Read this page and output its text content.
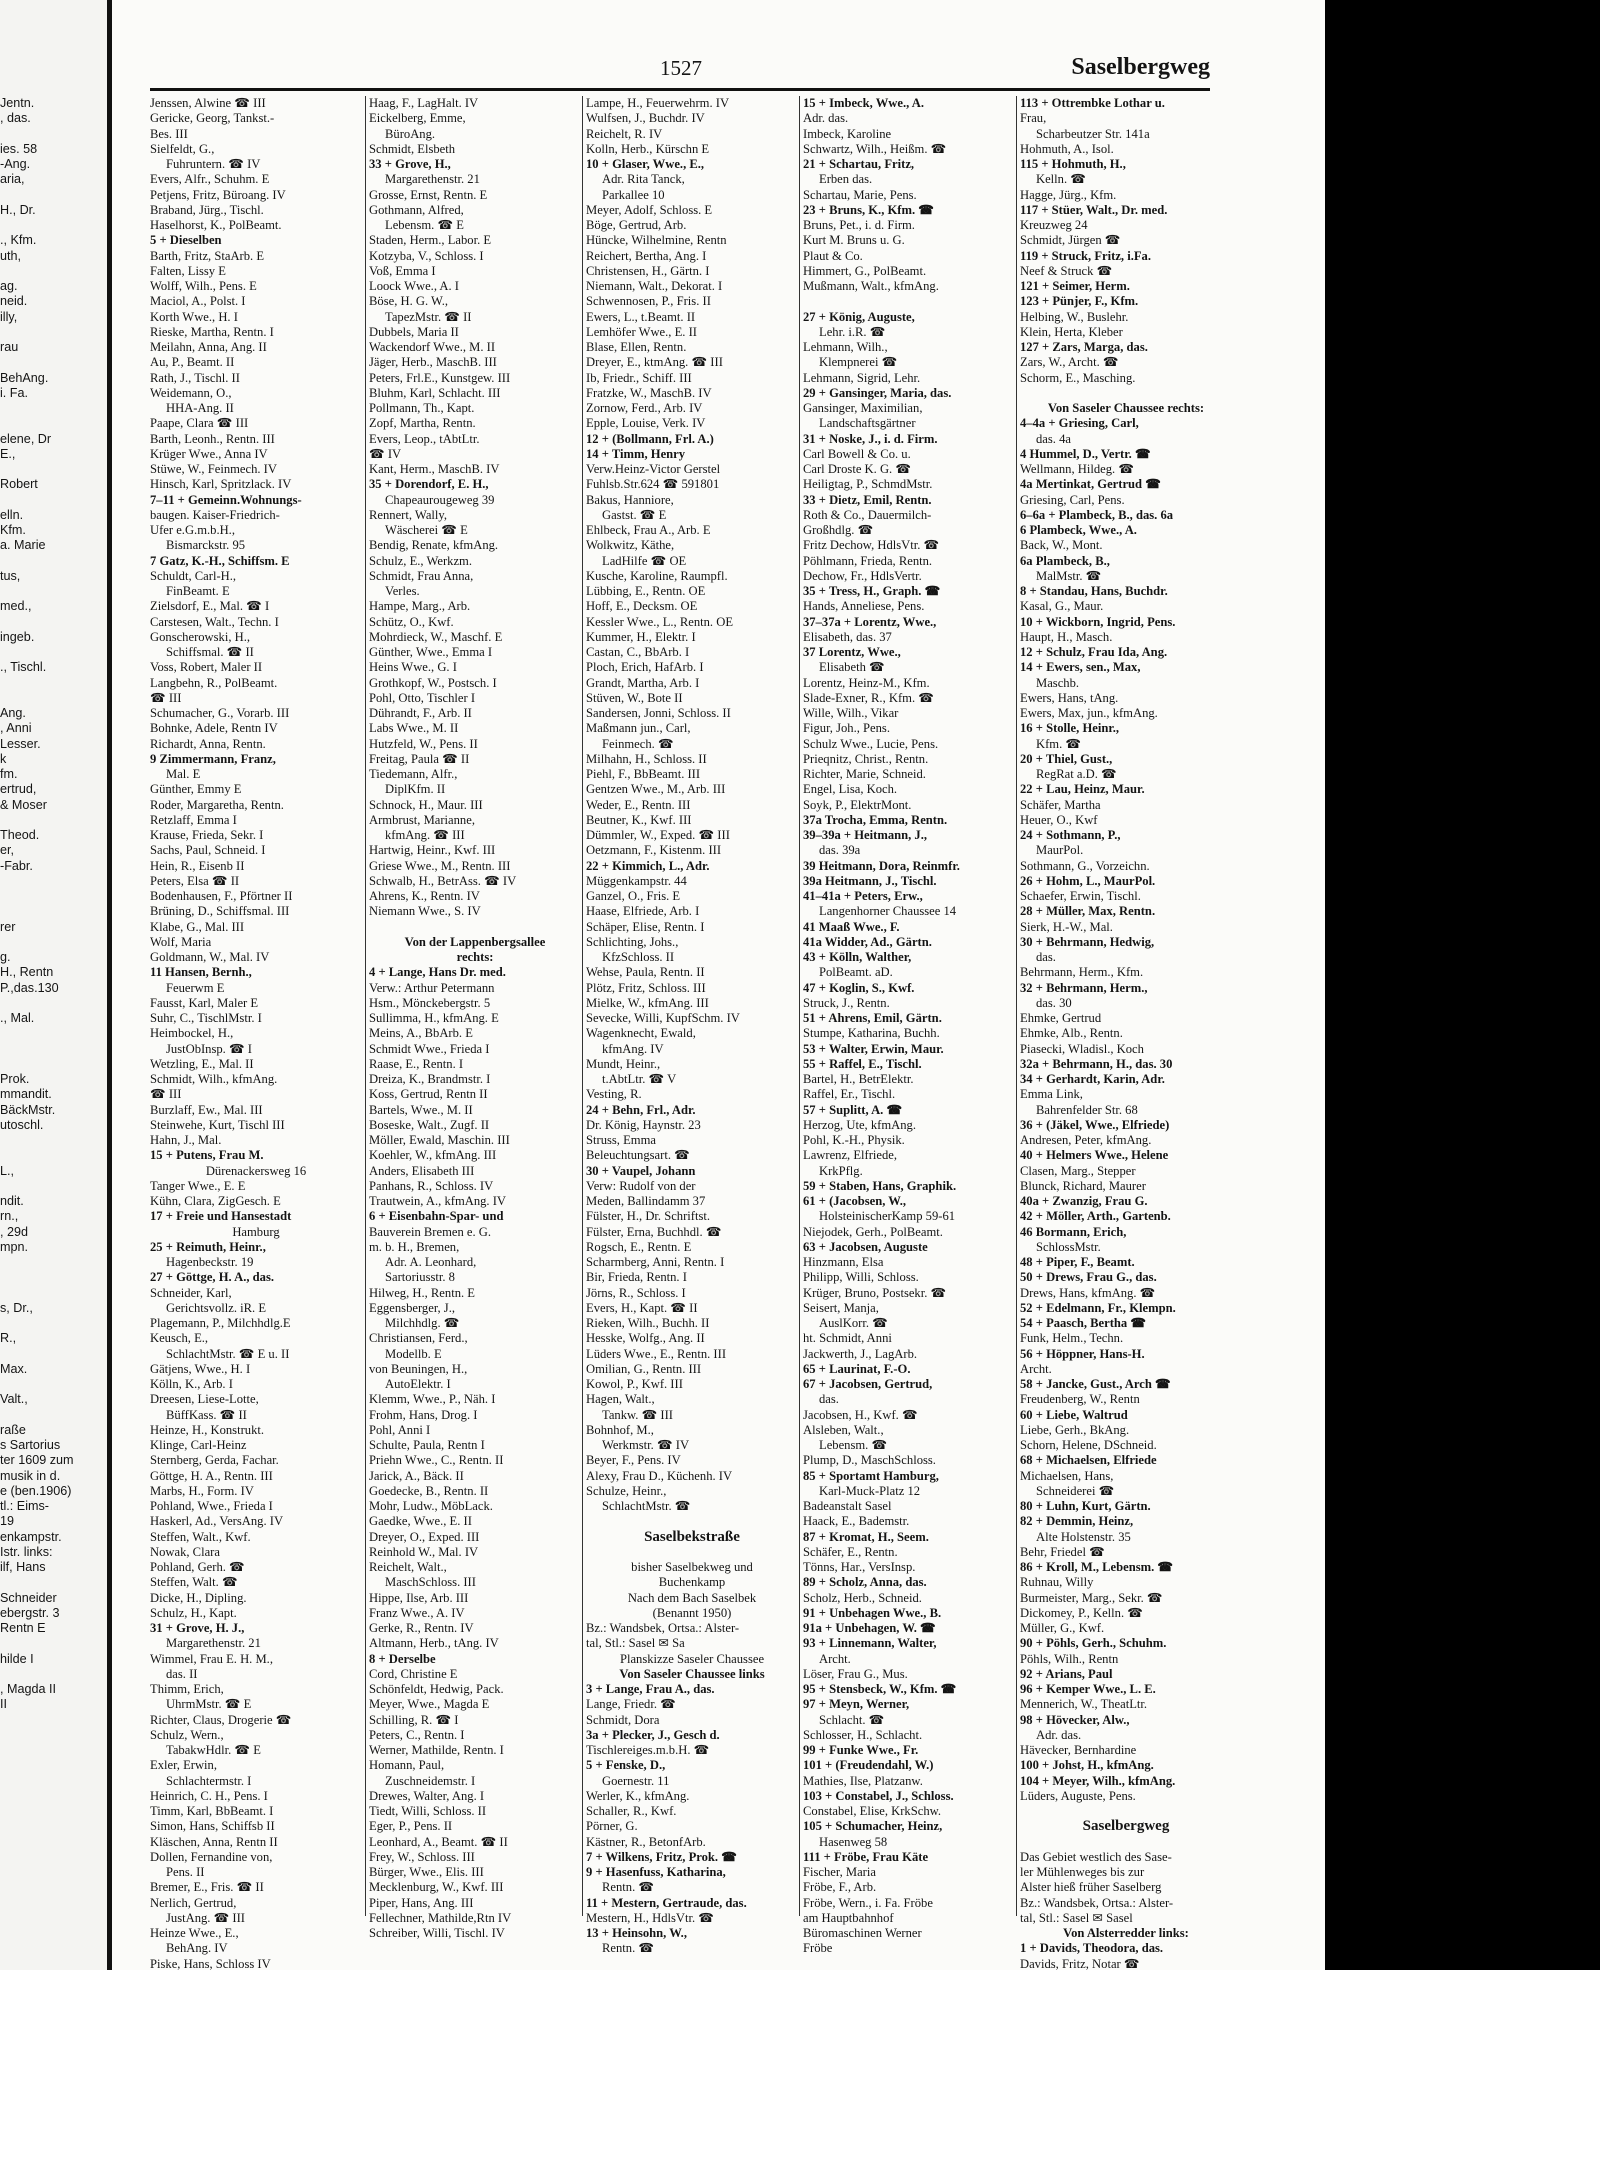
Jentn.
, das.
ies. 58
-Ang.
aria,
H., Dr.
., Kfm.
uth,
ag.
neid.
illy,
rau
BehAng.
i. Fa.
elene, Dr
E.,
Robert
elln.
Kfm.
a. Marie
tus,
med.,
ingeb.
., Tischl.
Ang.
, Anni
Lesser.
k
fm.
ertrud,
& Moser
Theod.
er,
-Fabr.
rer
g.
H., Rentn
P.,das.130
., Mal.
Prok.
mmandit.
BäckMstr.
utoschl.
L.,
ndit.
rn.,
, 29d
mpn.
s, Dr.,
R.,
Max.
Valt.,
raße
s Sartorius
ter 1609 zum
musik in d.
e (ben.1906)
tl.: Eims-
19
enkampstr.
Istr. links:
ilf, Hans
Schneider
ebergstr. 3
Rentn E
hilde I
, Magda II
II
1527	Saselbergweg
Jenssen, Alwine ☎ III
Gericke, Georg, Tankst.-
Bes. III
Sielfeldt, G.,
Fuhruntern. ☎ IV
Evers, Alfr., Schuhm. E
Petjens, Fritz, Büroang. IV
Braband, Jürg., Tischl.
Haselhorst, K., PolBeamt.
5 + Dieselben
Barth, Fritz, StaArb. E
Falten, Lissy E
Wolff, Wilh., Pens. E
Maciol, A., Polst. I
Korth Wwe., H. I
Rieske, Martha, Rentn. I
Meilahn, Anna, Ang. II
Au, P., Beamt. II
Rath, J., Tischl. II
Weidemann, O.,
HHA-Ang. II
Paape, Clara ☎ III
Barth, Leonh., Rentn. III
Krüger Wwe., Anna IV
Stüwe, W., Feinmech. IV
Hinsch, Karl, Spritzlack. IV
7–11 + Gemeinn.Wohnungs-
baugen. Kaiser-Friedrich-
Ufer e.G.m.b.H.,
Bismarckstr. 95
7 Gatz, K.-H., Schiffsm. E
Schuldt, Carl-H.,
FinBeamt. E
Zielsdorf, E., Mal. ☎ I
Carstesen, Walt., Techn. I
Gonscherowski, H.,
Schiffsmal. ☎ II
Voss, Robert, Maler II
Langbehn, R., PolBeamt.
☎ III
Schumacher, G., Vorarb. III
Bohnke, Adele, Rentn IV
Richardt, Anna, Rentn.
9 Zimmermann, Franz,
Mal. E
Günther, Emmy E
Roder, Margaretha, Rentn.
Retzlaff, Emma I
Krause, Frieda, Sekr. I
Sachs, Paul, Schneid. I
Hein, R., Eisenb II
Peters, Elsa ☎ II
Bodenhausen, F., Pförtner II
Brüning, D., Schiffsmal. III
Klabe, G., Mal. III
Wolf, Maria
Goldmann, W., Mal. IV
11 Hansen, Bernh.,
Feuerwm E
Fausst, Karl, Maler E
Suhr, C., TischlMstr. I
Heimbockel, H.,
JustObInsp. ☎ I
Wetzling, E., Mal. II
Schmidt, Wilh., kfmAng.
☎ III
Burzlaff, Ew., Mal. III
Steinwehe, Kurt, Tischl III
Hahn, J., Mal.
15 + Putens, Frau M.
Dürenackersweg 16
Tanger Wwe., E. E
Kühn, Clara, ZigGesch. E
17 + Freie und Hansestadt
Hamburg
25 + Reimuth, Heinr.,
Hagenbeckstr. 19
27 + Göttge, H. A., das.
Schneider, Karl,
Gerichtsvollz. iR. E
Plagemann, P., Milchhdlg.E
Keusch, E.,
SchlachtMstr. ☎ E u. II
Gätjens, Wwe., H. I
Kölln, K., Arb. I
Dreesen, Liese-Lotte,
BüffKass. ☎ II
Heinze, H., Konstrukt.
Klinge, Carl-Heinz
Sternberg, Gerda, Fachar.
Göttge, H. A., Rentn. III
Marbs, H., Form. IV
Pohland, Wwe., Frieda I
Haskerl, Ad., VersAng. IV
Steffen, Walt., Kwf.
Nowak, Clara
Pohland, Gerh. ☎
Steffen, Walt. ☎
Dicke, H., Dipling.
Schulz, H., Kapt.
31 + Grove, H. J.,
Margarethenstr. 21
Wimmel, Frau E. H. M.,
das. II
Thimm, Erich,
UhrmMstr. ☎ E
Richter, Claus, Drogerie ☎
Schulz, Wern.,
TabakwHdlr. ☎ E
Exler, Erwin,
Schlachtermstr. I
Heinrich, C. H., Pens. I
Timm, Karl, BbBeamt. I
Simon, Hans, Schiffsb II
Kläschen, Anna, Rentn II
Dollen, Fernandine von,
Pens. II
Bremer, E., Fris. ☎ II
Nerlich, Gertrud,
JustAng. ☎ III
Heinze Wwe., E.,
BehAng. IV
Piske, Hans, Schloss IV
Haag, F., LagHalt. IV
Eickelberg, Emme,
BüroAng.
Schmidt, Elsbeth
33 + Grove, H.,
Margarethenstr. 21
Grosse, Ernst, Rentn. E
Gothmann, Alfred,
Lebensm. ☎ E
Staden, Herm., Labor. E
Kotzyba, V., Schloss. I
Voß, Emma I
Loock Wwe., A. I
Böse, H. G. W.,
TapezMstr. ☎ II
Dubbels, Maria II
Wackendorf Wwe., M. II
Jäger, Herb., MaschB. III
Peters, Frl.E., Kunstgew. III
Bluhm, Karl, Schlacht. III
Pollmann, Th., Kapt.
Zopf, Martha, Rentn.
Evers, Leop., tAbtLtr.
☎ IV
Kant, Herm., MaschB. IV
35 + Dorendorf, E. H.,
Chapeaurougeweg 39
Rennert, Wally,
Wäscherei ☎ E
Bendig, Renate, kfmAng.
Schulz, E., Werkzm.
Schmidt, Frau Anna,
Verles.
Hampe, Marg., Arb.
Schütz, O., Kwf.
Mohrdieck, W., Maschf. E
Günther, Wwe., Emma I
Heins Wwe., G. I
Grothkopf, W., Postsch. I
Pohl, Otto, Tischler I
Dührandt, F., Arb. II
Labs Wwe., M. II
Hutzfeld, W., Pens. II
Freitag, Paula ☎ II
Tiedemann, Alfr.,
DiplKfm. II
Schnock, H., Maur. III
Armbrust, Marianne,
kfmAng. ☎ III
Hartwig, Heinr., Kwf. III
Griese Wwe., M., Rentn. III
Schwalb, H., BetrAss. ☎ IV
Ahrens, K., Rentn. IV
Niemann Wwe., S. IV
Von der Lappenbergsallee
rechts:
4 + Lange, Hans Dr. med.
Verw.: Arthur Petermann
Hsm., Mönckebergstr. 5
Sullimma, H., kfmAng. E
Meins, A., BbArb. E
Schmidt Wwe., Frieda I
Raase, E., Rentn. I
Dreiza, K., Brandmstr. I
Koss, Gertrud, Rentn II
Bartels, Wwe., M. II
Boseske, Walt., Zugf. II
Möller, Ewald, Maschin. III
Koehler, W., kfmAng. III
Anders, Elisabeth III
Panhans, R., Schloss. IV
Trautwein, A., kfmAng. IV
6 + Eisenbahn-Spar- und
Bauverein Bremen e. G.
m. b. H., Bremen,
Adr. A. Leonhard,
Sartoriusstr. 8
Hilweg, H., Rentn. E
Eggensberger, J.,
Milchhdlg. ☎
Christiansen, Ferd.,
Modellb. E
von Beuningen, H.,
AutoElektr. I
Klemm, Wwe., P., Näh. I
Frohm, Hans, Drog. I
Pohl, Anni I
Schulte, Paula, Rentn I
Priehn Wwe., C., Rentn. II
Jarick, A., Bäck. II
Goedecke, B., Rentn. II
Mohr, Ludw., MöbLack.
Gaedke, Wwe., E. II
Dreyer, O., Exped. III
Reinhold W., Mal. IV
Reichelt, Walt.,
MaschSchloss. III
Hippe, Ilse, Arb. III
Franz Wwe., A. IV
Gerke, R., Rentn. IV
Altmann, Herb., tAng. IV
8 + Derselbe
Cord, Christine E
Schönfeldt, Hedwig, Pack.
Meyer, Wwe., Magda E
Schilling, R. ☎ I
Peters, C., Rentn. I
Werner, Mathilde, Rentn. I
Homann, Paul,
Zuschneidemstr. I
Drewes, Walter, Ang. I
Tiedt, Willi, Schloss. II
Eger, P., Pens. II
Leonhard, A., Beamt. ☎ II
Frey, W., Schloss. III
Bürger, Wwe., Elis. III
Mecklenburg, W., Kwf. III
Piper, Hans, Ang. III
Fellechner, Mathilde,Rtn IV
Schreiber, Willi, Tischl. IV
Lampe, H., Feuerwehrm. IV
Wulfsen, J., Buchdr. IV
Reichelt, R. IV
Kolln, Herb., Kürschn E
10 + Glaser, Wwe., E.,
Adr. Rita Tanck,
Parkallee 10
Meyer, Adolf, Schloss. E
Böge, Gertrud, Arb.
Hüncke, Wilhelmine, Rentn
Reichert, Bertha, Ang. I
Christensen, H., Gärtn. I
Niemann, Walt., Dekorat. I
Schwennosen, P., Fris. II
Ewers, L., t.Beamt. II
Lemhöfer Wwe., E. II
Blase, Ellen, Rentn.
Dreyer, E., ktmAng. ☎ III
Ib, Friedr., Schiff. III
Fratzke, W., MaschB. IV
Zornow, Ferd., Arb. IV
Epple, Louise, Verk. IV
12 + (Bollmann, Frl. A.)
14 + Timm, Henry
Verw.Heinz-Victor Gerstel
Fuhlsb.Str.624 ☎ 591801
Bakus, Hanniore,
Gastst. ☎ E
Ehlbeck, Frau A., Arb. E
Wolkwitz, Käthe,
LadHilfe ☎ OE
Kusche, Karoline, Raumpfl.
Lübbing, E., Rentn. OE
Hoff, E., Decksm. OE
Kessler Wwe., L., Rentn. OE
Kummer, H., Elektr. I
Castan, C., BbArb. I
Ploch, Erich, HafArb. I
Grandt, Martha, Arb. I
Stüven, W., Bote II
Sandersen, Jonni, Schloss. II
Maßmann jun., Carl,
Feinmech. ☎
Milhahn, H., Schloss. II
Piehl, F., BbBeamt. III
Gentzen Wwe., M., Arb. III
Weder, E., Rentn. III
Beutner, K., Kwf. III
Dümmler, W., Exped. ☎ III
Oetzmann, F., Kistenm. III
22 + Kimmich, L., Adr.
Müggenkampstr. 44
Ganzel, O., Fris. E
Haase, Elfriede, Arb. I
Schäper, Elise, Rentn. I
Schlichting, Johs.,
KfzSchloss. II
Wehse, Paula, Rentn. II
Plötz, Fritz, Schloss. III
Mielke, W., kfmAng. III
Sevecke, Willi, KupfSchm. IV
Wagenknecht, Ewald,
kfmAng. IV
Mundt, Heinr.,
t.AbtLtr. ☎ V
Vesting, R.
24 + Behn, Frl., Adr.
Dr. König, Haynstr. 23
Struss, Emma
Beleuchtungsart. ☎
30 + Vaupel, Johann
Verw: Rudolf von der
Meden, Ballindamm 37
Fülster, H., Dr. Schriftst.
Fülster, Erna, Buchhdl. ☎
Rogsch, E., Rentn. E
Scharmberg, Anni, Rentn. I
Bir, Frieda, Rentn. I
Jörns, R., Schloss. I
Evers, H., Kapt. ☎ II
Rieken, Wilh., Buchh. II
Hesske, Wolfg., Ang. II
Lüders Wwe., E., Rentn. III
Omilian, G., Rentn. III
Kowol, P., Kwf. III
Hagen, Walt.,
Tankw. ☎ III
Bohnhof, M.,
Werkmstr. ☎ IV
Beyer, F., Pens. IV
Alexy, Frau D., Küchenh. IV
Schulze, Heinr.,
SchlachtMstr. ☎
Saselbekstraße
bisher Saselbekweg und
Buchenkamp
Nach dem Bach Saselbek
(Benannt 1950)
Bz.: Wandsbek, Ortsa.: Alster-
tal, Stl.: Sasel ✉ Sa
Planskizze Saseler Chaussee
Von Saseler Chaussee links
3 + Lange, Frau A., das.
Lange, Friedr. ☎
Schmidt, Dora
3a + Plecker, J., Gesch d.
Tischlereiges.m.b.H. ☎
5 + Fenske, D.,
Goernestr. 11
Werler, K., kfmAng.
Schaller, R., Kwf.
Pörner, G.
Kästner, R., BetonfArb.
7 + Wilkens, Fritz, Prok. ☎
9 + Hasenfuss, Katharina,
Rentn. ☎
11 + Mestern, Gertraude, das.
Mestern, H., HdlsVtr. ☎
13 + Heinsohn, W.,
Rentn. ☎
15 + Imbeck, Wwe., A.
Adr. das.
Imbeck, Karoline
Schwartz, Wilh., Heißm. ☎
21 + Schartau, Fritz,
Erben das.
Schartau, Marie, Pens.
23 + Bruns, K., Kfm. ☎
Bruns, Pet., i. d. Firm.
Kurt M. Bruns u. G.
Plaut & Co.
Himmert, G., PolBeamt.
Mußmann, Walt., kfmAng.
27 + König, Auguste,
Lehr. i.R. ☎
Lehmann, Wilh.,
Klempnerei ☎
Lehmann, Sigrid, Lehr.
29 + Gansinger, Maria, das.
Gansinger, Maximilian,
Landschaftsgärtner
31 + Noske, J., i. d. Firm.
Carl Bowell & Co. u.
Carl Droste K. G. ☎
Heiligtag, P., SchmdMstr.
33 + Dietz, Emil, Rentn.
Roth & Co., Dauermilch-
Großhdlg. ☎
Fritz Dechow, HdlsVtr. ☎
Pöhlmann, Frieda, Rentn.
Dechow, Fr., HdlsVertr.
35 + Tress, H., Graph. ☎
Hands, Anneliese, Pens.
37–37a + Lorentz, Wwe.,
Elisabeth, das. 37
37 Lorentz, Wwe.,
Elisabeth ☎
Lorentz, Heinz-M., Kfm.
Slade-Exner, R., Kfm. ☎
Wille, Wilh., Vikar
Figur, Joh., Pens.
Schulz Wwe., Lucie, Pens.
Prieqnitz, Christ., Rentn.
Richter, Marie, Schneid.
Engel, Lisa, Koch.
Soyk, P., ElektrMont.
37a Trocha, Emma, Rentn.
39–39a + Heitmann, J.,
das. 39a
39 Heitmann, Dora, Reinmfr.
39a Heitmann, J., Tischl.
41–41a + Peters, Erw.,
Langenhorner Chaussee 14
41 Maaß Wwe., F.
41a Widder, Ad., Gärtn.
43 + Kölln, Walther,
PolBeamt. aD.
47 + Koglin, S., Kwf.
Struck, J., Rentn.
51 + Ahrens, Emil, Gärtn.
Stumpe, Katharina, Buchh.
53 + Walter, Erwin, Maur.
55 + Raffel, E., Tischl.
Bartel, H., BetrElektr.
Raffel, Er., Tischl.
57 + Suplitt, A. ☎
Herzog, Ute, kfmAng.
Pohl, K.-H., Physik.
Lawrenz, Elfriede,
KrkPflg.
59 + Staben, Hans, Graphik.
61 + (Jacobsen, W.,
HolsteinischerKamp 59-61
Niejodek, Gerh., PolBeamt.
63 + Jacobsen, Auguste
Hinzmann, Elsa
Philipp, Willi, Schloss.
Krüger, Bruno, Postsekr. ☎
Seisert, Manja,
AuslKorr. ☎
ht. Schmidt, Anni
Jackwerth, J., LagArb.
65 + Laurinat, F.-O.
67 + Jacobsen, Gertrud,
das.
Jacobsen, H., Kwf. ☎
Alsleben, Walt.,
Lebensm. ☎
Plump, D., MaschSchloss.
85 + Sportamt Hamburg,
Karl-Muck-Platz 12
Badeanstalt Sasel
Haack, E., Bademstr.
87 + Kromat, H., Seem.
Schäfer, E., Rentn.
Tönns, Har., VersInsp.
89 + Scholz, Anna, das.
Scholz, Herb., Schneid.
91 + Unbehagen Wwe., B.
91a + Unbehagen, W. ☎
93 + Linnemann, Walter,
Archt.
Löser, Frau G., Mus.
95 + Stensbeck, W., Kfm. ☎
97 + Meyn, Werner,
Schlacht. ☎
Schlosser, H., Schlacht.
99 + Funke Wwe., Fr.
101 + (Freudendahl, W.)
Mathies, Ilse, Platzanw.
103 + Constabel, J., Schloss.
Constabel, Elise, KrkSchw.
105 + Schumacher, Heinz,
Hasenweg 58
111 + Fröbe, Frau Käte
Fischer, Maria
Fröbe, F., Arb.
Fröbe, Wern., i. Fa. Fröbe
am Hauptbahnhof
Büromaschinen Werner
Fröbe
113 + Ottrembke Lothar u.
Frau,
Scharbeutzer Str. 141a
Hohmuth, A., Isol.
115 + Hohmuth, H.,
Kelln. ☎
Hagge, Jürg., Kfm.
117 + Stüer, Walt., Dr. med.
Kreuzweg 24
Schmidt, Jürgen ☎
119 + Struck, Fritz, i.Fa.
Neef & Struck ☎
121 + Seimer, Herm.
123 + Pünjer, F., Kfm.
Helbing, W., Buslehr.
Klein, Herta, Kleber
127 + Zars, Marga, das.
Zars, W., Archt. ☎
Schorm, E., Masching.
Von Saseler Chaussee rechts:
4–4a + Griesing, Carl,
das. 4a
4 Hummel, D., Vertr. ☎
Wellmann, Hildeg. ☎
4a Mertinkat, Gertrud ☎
Griesing, Carl, Pens.
6–6a + Plambeck, B., das. 6a
6 Plambeck, Wwe., A.
Back, W., Mont.
6a Plambeck, B.,
MalMstr. ☎
8 + Standau, Hans, Buchdr.
Kasal, G., Maur.
10 + Wickborn, Ingrid, Pens.
Haupt, H., Masch.
12 + Schulz, Frau Ida, Ang.
14 + Ewers, sen., Max,
Maschb.
Ewers, Hans, tAng.
Ewers, Max, jun., kfmAng.
16 + Stolle, Heinr.,
Kfm. ☎
20 + Thiel, Gust.,
RegRat a.D. ☎
22 + Lau, Heinz, Maur.
Schäfer, Martha
Heuer, O., Kwf
24 + Sothmann, P.,
MaurPol.
Sothmann, G., Vorzeichn.
26 + Hohm, L., MaurPol.
Schaefer, Erwin, Tischl.
28 + Müller, Max, Rentn.
Sierk, H.-W., Mal.
30 + Behrmann, Hedwig,
das.
Behrmann, Herm., Kfm.
32 + Behrmann, Herm.,
das. 30
Ehmke, Gertrud
Ehmke, Alb., Rentn.
Piasecki, Wladisl., Koch
32a + Behrmann, H., das. 30
34 + Gerhardt, Karin, Adr.
Emma Link,
Bahrenfelder Str. 68
36 + (Jäkel, Wwe., Elfriede)
Andresen, Peter, kfmAng.
40 + Helmers Wwe., Helene
Clasen, Marg., Stepper
Blunck, Richard, Maurer
40a + Zwanzig, Frau G.
42 + Möller, Arth., Gartenb.
46 Bormann, Erich,
SchlossMstr.
48 + Piper, F., Beamt.
50 + Drews, Frau G., das.
Drews, Hans, kfmAng. ☎
52 + Edelmann, Fr., Klempn.
54 + Paasch, Bertha ☎
Funk, Helm., Techn.
56 + Höppner, Hans-H.
Archt.
58 + Jancke, Gust., Arch ☎
Freudenberg, W., Rentn
60 + Liebe, Waltrud
Liebe, Gerh., BkAng.
Schorn, Helene, DSchneid.
68 + Michaelsen, Elfriede
Michaelsen, Hans,
Schneiderei ☎
80 + Luhn, Kurt, Gärtn.
82 + Demmin, Heinz,
Alte Holstenstr. 35
Behr, Friedel ☎
86 + Kroll, M., Lebensm. ☎
Ruhnau, Willy
Burmeister, Marg., Sekr. ☎
Dickomey, P., Kelln. ☎
Müller, G., Kwf.
90 + Pöhls, Gerh., Schuhm.
Pöhls, Wilh., Rentn
92 + Arians, Paul
96 + Kemper Wwe., L. E.
Mennerich, W., TheatLtr.
98 + Hövecker, Alw.,
Adr. das.
Hävecker, Bernhardine
100 + Johst, H., kfmAng.
104 + Meyer, Wilh., kfmAng.
Lüders, Auguste, Pens.
Saselbergweg
Das Gebiet westlich des Sase-
ler Mühlenweges bis zur
Alster hieß früher Saselberg
Bz.: Wandsbek, Ortsa.: Alster-
tal, Stl.: Sasel ✉ Sasel
Von Alsterredder links:
1 + Davids, Theodora, das.
Davids, Fritz, Notar ☎
